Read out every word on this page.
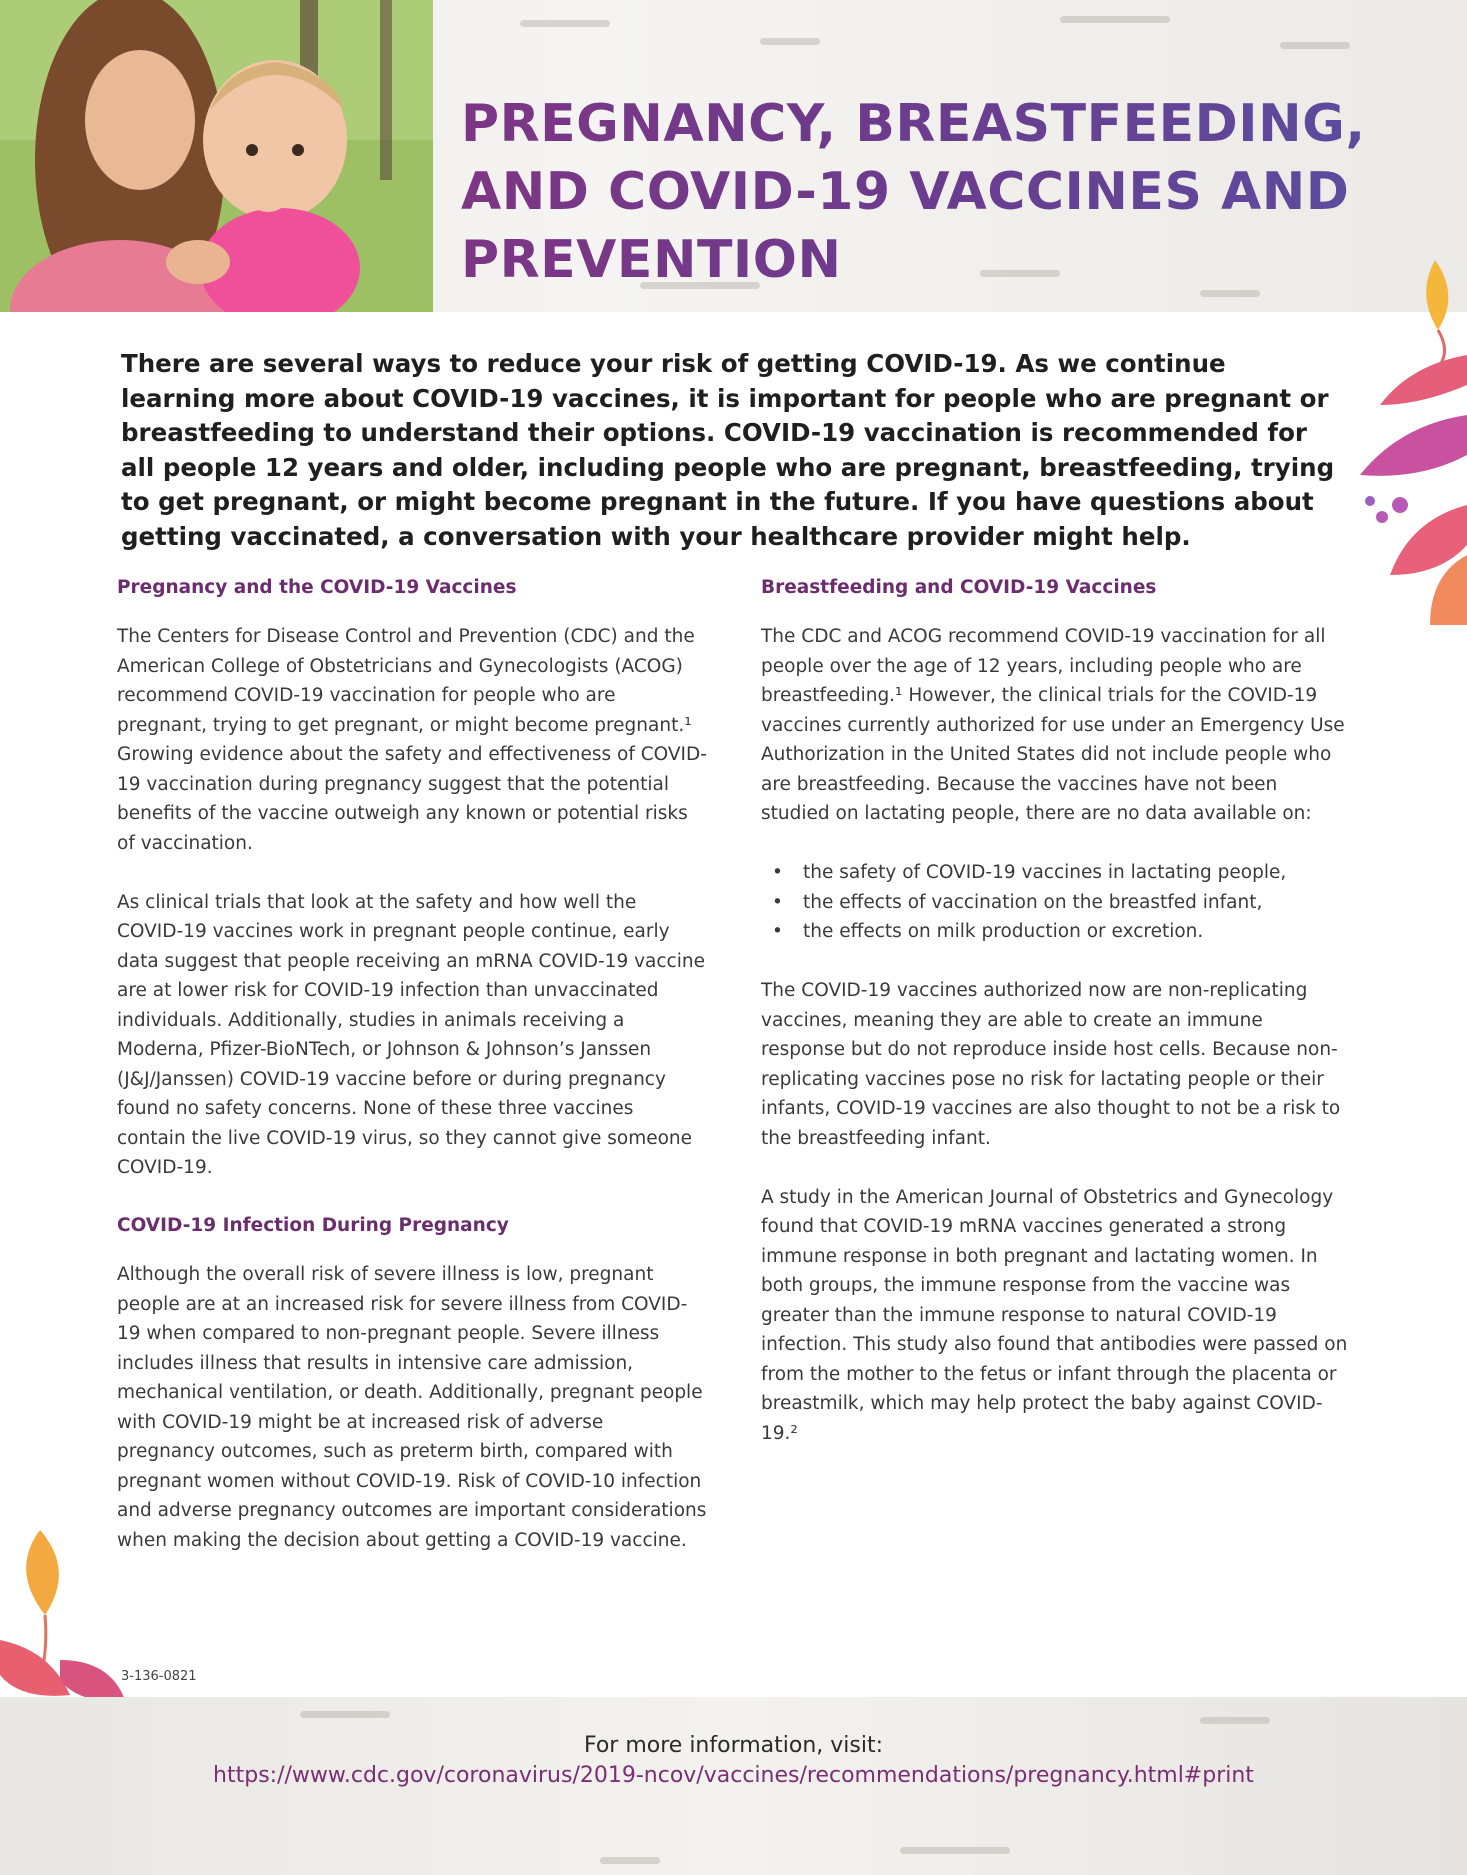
PREGNANCY, BREASTFEEDING,
AND COVID-19 VACCINES AND
PREVENTION

There are several ways to reduce your risk of getting COVID-19. As we continue learning more about COVID-19 vaccines, it is important for people who are pregnant or breastfeeding to understand their options. COVID-19 vaccination is recommended for all people 12 years and older, including people who are pregnant, breastfeeding, trying to get pregnant, or might become pregnant in the future. If you have questions about getting vaccinated, a conversation with your healthcare provider might help.

Pregnancy and the COVID-19 Vaccines

The Centers for Disease Control and Prevention (CDC) and the American College of Obstetricians and Gynecologists (ACOG) recommend COVID-19 vaccination for people who are pregnant, trying to get pregnant, or might become pregnant.¹ Growing evidence about the safety and effectiveness of COVID-19 vaccination during pregnancy suggest that the potential benefits of the vaccine outweigh any known or potential risks of vaccination.

As clinical trials that look at the safety and how well the COVID-19 vaccines work in pregnant people continue, early data suggest that people receiving an mRNA COVID-19 vaccine are at lower risk for COVID-19 infection than unvaccinated individuals. Additionally, studies in animals receiving a Moderna, Pfizer-BioNTech, or Johnson & Johnson’s Janssen (J&J/Janssen) COVID-19 vaccine before or during pregnancy found no safety concerns. None of these three vaccines contain the live COVID-19 virus, so they cannot give someone COVID-19.

COVID-19 Infection During Pregnancy

Although the overall risk of severe illness is low, pregnant people are at an increased risk for severe illness from COVID-19 when compared to non-pregnant people. Severe illness includes illness that results in intensive care admission, mechanical ventilation, or death. Additionally, pregnant people with COVID-19 might be at increased risk of adverse pregnancy outcomes, such as preterm birth, compared with pregnant women without COVID-19. Risk of COVID-10 infection and adverse pregnancy outcomes are important considerations when making the decision about getting a COVID-19 vaccine.

Breastfeeding and COVID-19 Vaccines

The CDC and ACOG recommend COVID-19 vaccination for all people over the age of 12 years, including people who are breastfeeding.¹ However, the clinical trials for the COVID-19 vaccines currently authorized for use under an Emergency Use Authorization in the United States did not include people who are breastfeeding. Because the vaccines have not been studied on lactating people, there are no data available on:

• the safety of COVID-19 vaccines in lactating people,
• the effects of vaccination on the breastfed infant,
• the effects on milk production or excretion.

The COVID-19 vaccines authorized now are non-replicating vaccines, meaning they are able to create an immune response but do not reproduce inside host cells. Because non-replicating vaccines pose no risk for lactating people or their infants, COVID-19 vaccines are also thought to not be a risk to the breastfeeding infant.

A study in the American Journal of Obstetrics and Gynecology found that COVID-19 mRNA vaccines generated a strong immune response in both pregnant and lactating women. In both groups, the immune response from the vaccine was greater than the immune response to natural COVID-19 infection. This study also found that antibodies were passed on from the mother to the fetus or infant through the placenta or breastmilk, which may help protect the baby against COVID-19.²

3-136-0821
For more information, visit:
https://www.cdc.gov/coronavirus/2019-ncov/vaccines/recommendations/pregnancy.html#print
